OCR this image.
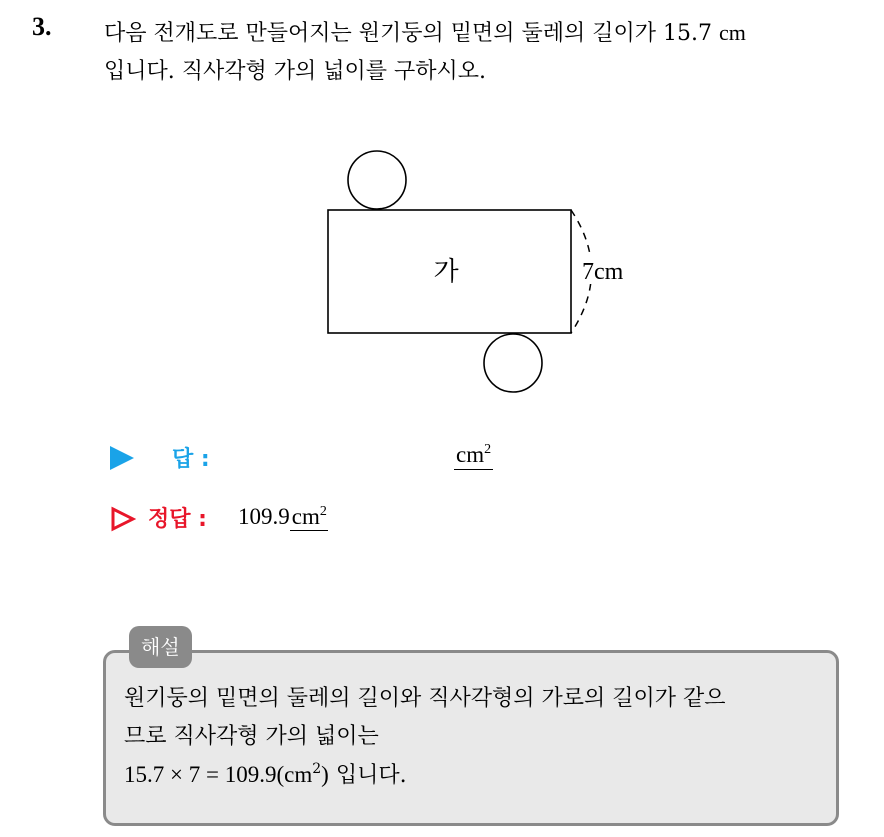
3. 다음 전개도로 만들어지는 원기둥의 밑면의 둘레의 길이가 15.7 cm
입니다. 직사각형 가의 넓이를 구하시오.
가	7cm
답 :	$cm^2$
정답 : $109.9cm^2$
해설
원기둥의 밑면의 둘레의 길이와 직사각형의 가로의 길이가 같으
므로 직사각형 가의 넓이는
$15.7 \times 7 = 109.9(cm^2)$ 입니다.
